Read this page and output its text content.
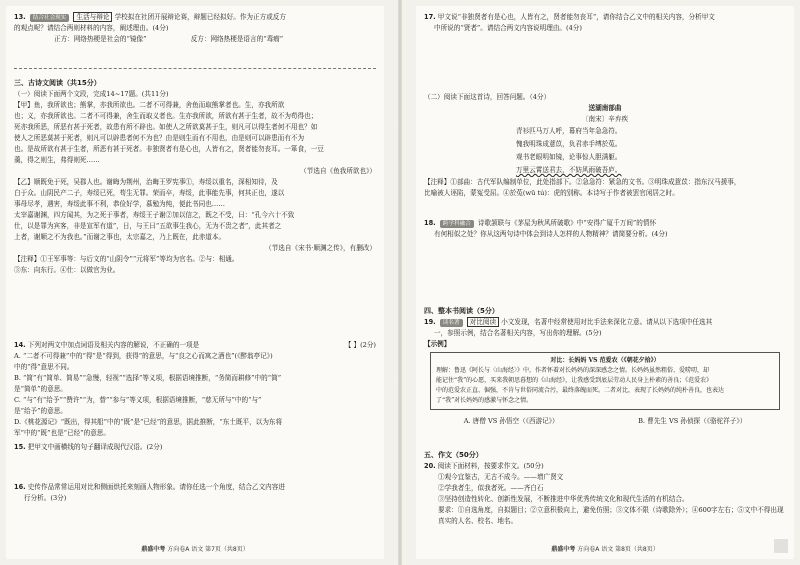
13. 结合社会现实 生活与辩论 学校拟在社团开展辩论赛，辩题已经拟好。作为正方或反方
的观点呢？请结合两则材料的内容，阐述理由。(4分)
正方：网络热梗是社会的“镜像”	反方：网络热梗是语言的“毒瘤”
三、古诗文阅读（共15分）
（一）阅读下面两个文段，完成14~17题。(共11分)
【甲】鱼，我所欲也；熊掌，亦我所欲也。二者不可得兼，舍鱼而取熊掌者也。生，亦我所欲
也；义，亦我所欲也。二者不可得兼，舍生而取义者也。生亦我所欲，所欲有甚于生者，故不为苟得也；
死亦我所恶，所恶有甚于死者，故患有所不辟也。如使人之所欲莫甚于生，则凡可以得生者何不用也？如
使人之所恶莫甚于死者，则凡可以辟患者何不为也？由是则生而有不用也，由是则可以辟患而有不为
也。是故所欲有甚于生者，所恶有甚于死者。非独贤者有是心也，人皆有之，贤者能勿丧耳。一箪食，一豆
羹，得之则生，弗得则死……
（节选自《鱼我所欲也》）
【乙】顺既免于死，吴郡人也。谢晦为荆州，治晦王罗宪事①，寿绥以重名，深相知待，及
白于众。山阴民产二子，寿绥已死，苟生无罪。荣而卒，寿绥，此事能先事，何其正也，遂以
事母尽孝，遇害，寿绥此事不利，恭俭好学，慕勉为纯，便此书同也……
太宰嘉谢渊，四方闻其，为之死于事者，寿绥王子谢②加以信之，既之不受，曰：“孔今六十不致
仕，以是罪为宾客，非是宣军有道”，日，与王曰“五欲事生我心，无为不贵之者”，此其者之
上者，谢顺之不为我也。”而谢之事也，太宗嘉之，乃上既在，此赤道本。
（节选自《宋书·顺渊之传》，有删改）
【注释】①王军事等：与后文的“山阴令”“元将军”等均为官名。②与：相通。
③东：向东行。④仕：以做官为业。
14. 下列对两文中加点词语及相关内容的解说，不正确的一项是	【 】(2分)
A. “二者不可得兼”中的“得”是“得到，获得”的意思，与“良之心而寓之酒也”(《醉翁亭记》)
中的“得”意思不同。
B. “简”有“简单、简易”“急慢，轻视”“选择”等义项，根据语境推断，“务简而耕修”中的“简”
是“简单”的意思。
C. “与”有“给予”“赞许”“为，替”“参与”等义项，根据语境推断，“慈无所与”中的“与”
是“给予”的意思。
D.《桃花源记》“既出，得其船”中的“既”是“已经”的意思，据此推断，“东土既平，以为东将
军”中的“既”也是“已经”的意思。
15. 把甲文中画横线的句子翻译成现代汉语。(2分)
16. 史传作品常常运用对比和侧面烘托来刻画人物形象。请你任选一个角度，结合乙文内容进
行分析。(3分)
鼎盛中考 方向卷A 语文 第7页（共8页）
17. 甲文说“非独贤者有是心也，人皆有之，贤者能勿丧耳”，请你结合乙文中的相关内容，分析甲文
中所说的“贤者”。请结合两文内容说明理由。(4分)
（二）阅读下面这首诗，回答问题。（4分）
送湖南部曲
〔南宋〕辛弃疾
青衫匹马万人呼，幕府当年急急符。
愧我明珠成薏苡，负君赤手缚於菟。
观书老眼明如镜，论事惊人胆满躯。
万里云霄送君去，不妨风雨破吾庐。
【注释】①部曲：古代军队编制单位，此处指部下。②急急符：紧急的文书。③明珠成薏苡：指东汉马援事，
比喻被人诬陷，蒙冤受屈。④於菟(wū tú)：虎的别称。本诗写于作者被罢官闲居之时。
18. 跨学科融合 诗歌颔联与《茅屋为秋风所破歌》中“安得广厦千万间”的情怀
有何相似之处？你从这两句诗中体会到诗人怎样的人物精神？请简要分析。(4分)
四、整本书阅读（5分）
19. 读名著 对比阅读 小文发现，名著中经常使用对比手法来深化立意。请从以下选项中任选其
一，参照示例，结合名著相关内容，写出你的理解。(5分)
【示例】
对比：长妈妈 VS 范爱农（《朝花夕拾》）
理解：鲁迅《阿长与〈山海经〉》中，作者怀着对长妈妈的深深感念之情。长妈妈虽然粗俗、爱唠叨，却
能记住“我”的心愿，买来我朝思暮想的《山海经》，让我感受到底层劳动人民身上朴素的善良；《范爱农》
中的范爱农正直、倔强，不肯与世俗同流合污，最终落魄而死。二者对比，表现了长妈妈的纯朴善良，也表达
了“我”对长妈妈的感激与怀念之情。
A. 唐僧 VS 孙悟空（《西游记》）	B. 曹先生 VS 孙侦探（《骆驼祥子》）
五、作文（50分）
20. 阅读下面材料，按要求作文。(50分)
①观今宜鉴古，无古不成今。——增广贤文
②学我者生，似我者死。——齐白石
③坚持创造性转化、创新性发展，不断推进中华优秀传统文化和现代生活的有机结合。
要求：①自选角度，自拟题目；②立意积极向上，避免仿照；③文体不限（诗歌除外）；④600字左右；⑤文中不得出现
真实的人名、校名、地名。
鼎盛中考 方向卷A 语文 第8页（共8页）
